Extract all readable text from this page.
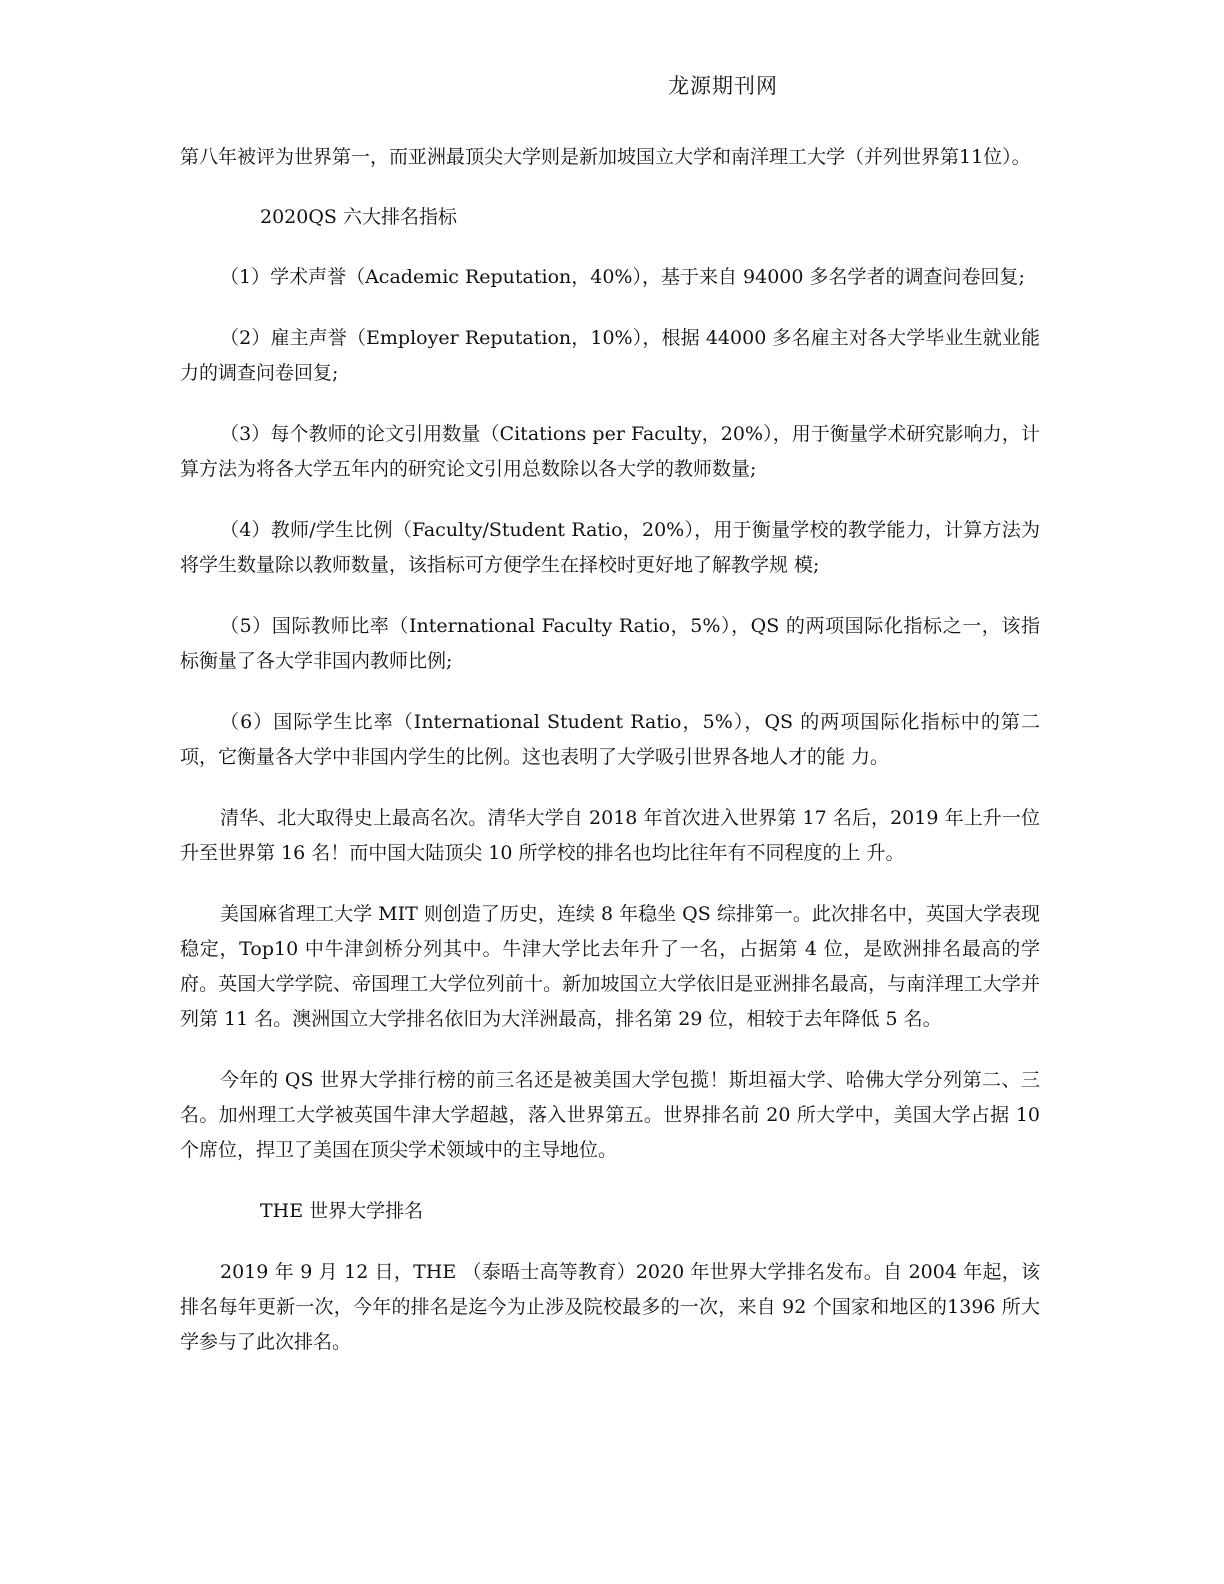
龙源期刊网

第八年被评为世界第一，而亚洲最顶尖大学则是新加坡国立大学和南洋理工大学（并列世界第11位）。

2020QS 六大排名指标

（1）学术声誉（Academic Reputation，40%），基于来自 94000 多名学者的调查问卷回复;

（2）雇主声誉（Employer Reputation，10%），根据 44000 多名雇主对各大学毕业生就业能力的调查问卷回复;

（3）每个教师的论文引用数量（Citations per Faculty，20%），用于衡量学术研究影响力，计算方法为将各大学五年内的研究论文引用总数除以各大学的教师数量;

（4）教师/学生比例（Faculty/Student Ratio，20%），用于衡量学校的教学能力，计算方法为将学生数量除以教师数量，该指标可方便学生在择校时更好地了解教学规 模;

（5）国际教师比率（International Faculty Ratio，5%），QS 的两项国际化指标之一，该指标衡量了各大学非国内教师比例;

（6）国际学生比率（International Student Ratio，5%），QS 的两项国际化指标中的第二项，它衡量各大学中非国内学生的比例。这也表明了大学吸引世界各地人才的能 力。

清华、北大取得史上最高名次。清华大学自 2018 年首次进入世界第 17 名后，2019 年上升一位升至世界第 16 名！而中国大陆顶尖 10 所学校的排名也均比往年有不同程度的上 升。

美国麻省理工大学 MIT 则创造了历史，连续 8 年稳坐 QS 综排第一。此次排名中，英国大学表现稳定，Top10 中牛津剑桥分列其中。牛津大学比去年升了一名，占据第 4 位，是欧洲排名最高的学府。英国大学学院、帝国理工大学位列前十。新加坡国立大学依旧是亚洲排名最高，与南洋理工大学并列第 11 名。澳洲国立大学排名依旧为大洋洲最高，排名第 29 位，相较于去年降低 5 名。

今年的 QS 世界大学排行榜的前三名还是被美国大学包揽！斯坦福大学、哈佛大学分列第二、三名。加州理工大学被英国牛津大学超越，落入世界第五。世界排名前 20 所大学中，美国大学占据 10 个席位，捍卫了美国在顶尖学术领域中的主导地位。

THE 世界大学排名

2019 年 9 月 12 日，THE （泰晤士高等教育）2020 年世界大学排名发布。自 2004 年起，该排名每年更新一次，今年的排名是迄今为止涉及院校最多的一次，来自 92 个国家和地区的1396 所大学参与了此次排名。
